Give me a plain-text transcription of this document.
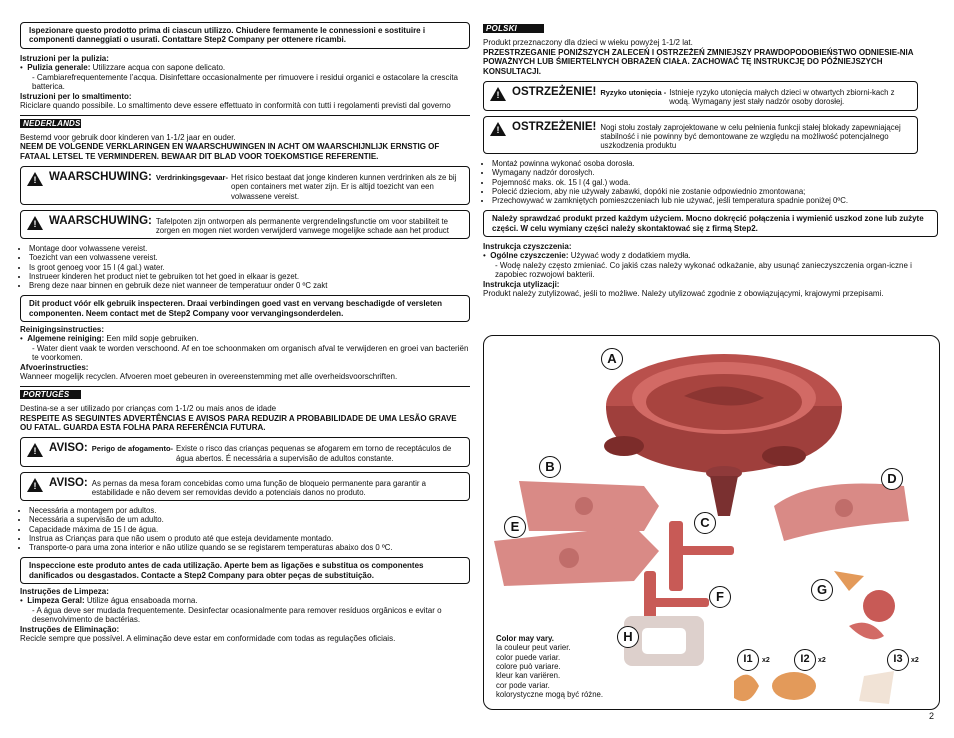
Ispezionare questo prodotto prima di ciascun utilizzo. Chiudere fermamente le connessioni e sostituire i componenti danneggiati o usurati. Contattare Step2 Company per ottenere ricambi.

Istruzioni per la pulizia:

•  Pulizia generale: Utilizzare acqua con sapone delicato.

- Cambiarefrequentemente l’acqua. Disinfettare occasionalmente per rimuovere i residui organici e ostacolare la crescita batterica.

Istruzioni per lo smaltimento:

Riciclare quando possibile. Lo smaltimento deve essere effettuato in conformità con tutti i regolamenti previsti dal governo

NEDERLANDS

Bestemd voor gebruik door kinderen van 1-1/2 jaar en ouder.

NEEM DE VOLGENDE VERKLARINGEN EN WAARSCHUWINGEN IN ACHT OM WAARSCHIJNLIJK ERNSTIG OF FATAAL LETSEL TE VERMINDEREN. BEWAAR DIT BLAD VOOR TOEKOMSTIGE REFERENTIE.

! WAARSCHUWING: Verdrinkingsgevaar- Het risico bestaat dat jonge kinderen kunnen verdrinken als ze bij open containers met water zijn. Er is altijd toezicht van een volwassene vereist.
! WAARSCHUWING: Tafelpoten zijn ontworpen als permanente vergrendelingsfunctie om voor stabiliteit te zorgen en mogen niet worden verwijderd vanwege mogelijke schade aan het product
• Montage door volwassene vereist.
• Toezicht van een volwassene vereist.
• Is groot genoeg voor 15 l (4 gal.) water.
• Instrueer kinderen het product niet te gebruiken tot het goed in elkaar is gezet.
• Breng deze naar binnen en gebruik deze niet wanneer de temperatuur onder 0 ºC zakt
Dit product vóór elk gebruik inspecteren. Draai verbindingen goed vast en vervang beschadigde of versleten componenten. Neem contact met de Step2 Company voor vervangingsonderdelen.

Reinigingsinstructies:

•  Algemene reiniging: Een mild sopje gebruiken.

- Water dient vaak te worden verschoond. Af en toe schoonmaken om organisch afval te verwijderen en groei van bacteriën te voorkomen.

Afvoerinstructies:

Wanneer mogelijk recyclen. Afvoeren moet gebeuren in overeenstemming met alle overheidsvoorschriften.

PORTUGÊS

Destina-se a ser utilizado por crianças com 1-1/2 ou mais anos de idade

RESPEITE AS SEGUINTES ADVERTÊNCIAS E AVISOS PARA REDUZIR A PROBABILIDADE DE UMA LESÃO GRAVE OU FATAL. GUARDA ESTA FOLHA PARA REFERÊNCIA FUTURA.

! AVISO: Perigo de afogamento- Existe o risco das crianças pequenas se afogarem em torno de receptáculos de água abertos. É necessária a supervisão de adultos constante.
! AVISO: As pernas da mesa foram concebidas como uma função de bloqueio permanente para garantir a estabilidade e não devem ser removidas devido a potenciais danos no produto.
• Necessária a montagem por adultos.
• Necessária a supervisão de um adulto.
• Capacidade máxima de 15 l de água.
• Instrua as Crianças para que não usem o produto até que esteja devidamente montado.
• Transporte-o para uma zona interior e não utilize quando se se registarem temperaturas abaixo dos 0 ºC.
Inspeccione este produto antes de cada utilização. Aperte bem as ligações e substitua os componentes danificados ou desgastados. Contacte a Step2 Company para obter peças de substituição.

Instruções de Limpeza:

•  Limpeza Geral: Utilize água ensaboada morna.

- A água deve ser mudada frequentemente. Desinfectar ocasionalmente para remover resíduos orgânicos e evitar o desenvolvimento de bactérias.

Instruções de Eliminação:

Recicle sempre que possível. A eliminação deve estar em conformidade com todas as regulações oficiais.

POLSKI

Produkt przeznaczony dla dzieci w wieku powyżej 1-1/2 lat.

PRZESTRZEGANIE PONIŻSZYCH ZALECEŃ I OSTRZEŻEŃ ZMNIEJSZY PRAWDOPODOBIEŃSTWO ODNIESIE-NIA POWAŻNYCH LUB ŚMIERTELNYCH OBRAŻEŃ CIAŁA. ZACHOWAĆ TĘ INSTRUKCJĘ DO PÓŹNIEJSZYCH KONSULTACJI.

! OSTRZEŻENIE! Ryzyko utonięcia - Istnieje ryzyko utonięcia małych dzieci w otwartych zbiorni-kach z wodą. Wymagany jest stały nadzór osoby dorosłej.
! OSTRZEŻENIE! Nogi stołu zostały zaprojektowane w celu pełnienia funkcji stałej blokady zapewniającej stabilność i nie powinny być demontowane ze względu na możliwość potencjalnego uszkodzenia produktu
• Montaż powinna wykonać osoba dorosła.
• Wymagany nadzór dorosłych.
• Pojemność maks. ok. 15 l (4 gal.) woda.
• Polecić dzieciom, aby nie używały zabawki, dopóki nie zostanie odpowiednio zmontowana;
• Przechowywać w zamkniętych pomieszczeniach lub nie używać, jeśli temperatura spadnie poniżej 0ºC.
Należy sprawdzać produkt przed każdym użyciem. Mocno dokręcić połączenia i wymienić uszkod zone lub zużyte części. W celu wymiany części należy skontaktować się z firmą Step2.

Instrukcja czyszczenia:

•  Ogólne czyszczenie: Używać wody z dodatkiem mydła.

- Wodę należy często zmieniać. Co jakiś czas należy wykonać odkażanie, aby usunąć zanieczyszczenia organ-iczne i zapobiec rozwojowi bakterii.

Instrukcja utylizacji:

Produkt należy zutylizować, jeśli to możliwe. Należy utylizować zgodnie z obowiązującymi, krajowymi przepisami.

A
B
C
D
E
F	G
H
I1	x2	I2	x2	I3	x2
Color may vary.
la couleur peut varier.
color puede variar.
colore può variare.
kleur kan variëren.
cor pode variar.
kolorystyczne mogą być różne.
2
